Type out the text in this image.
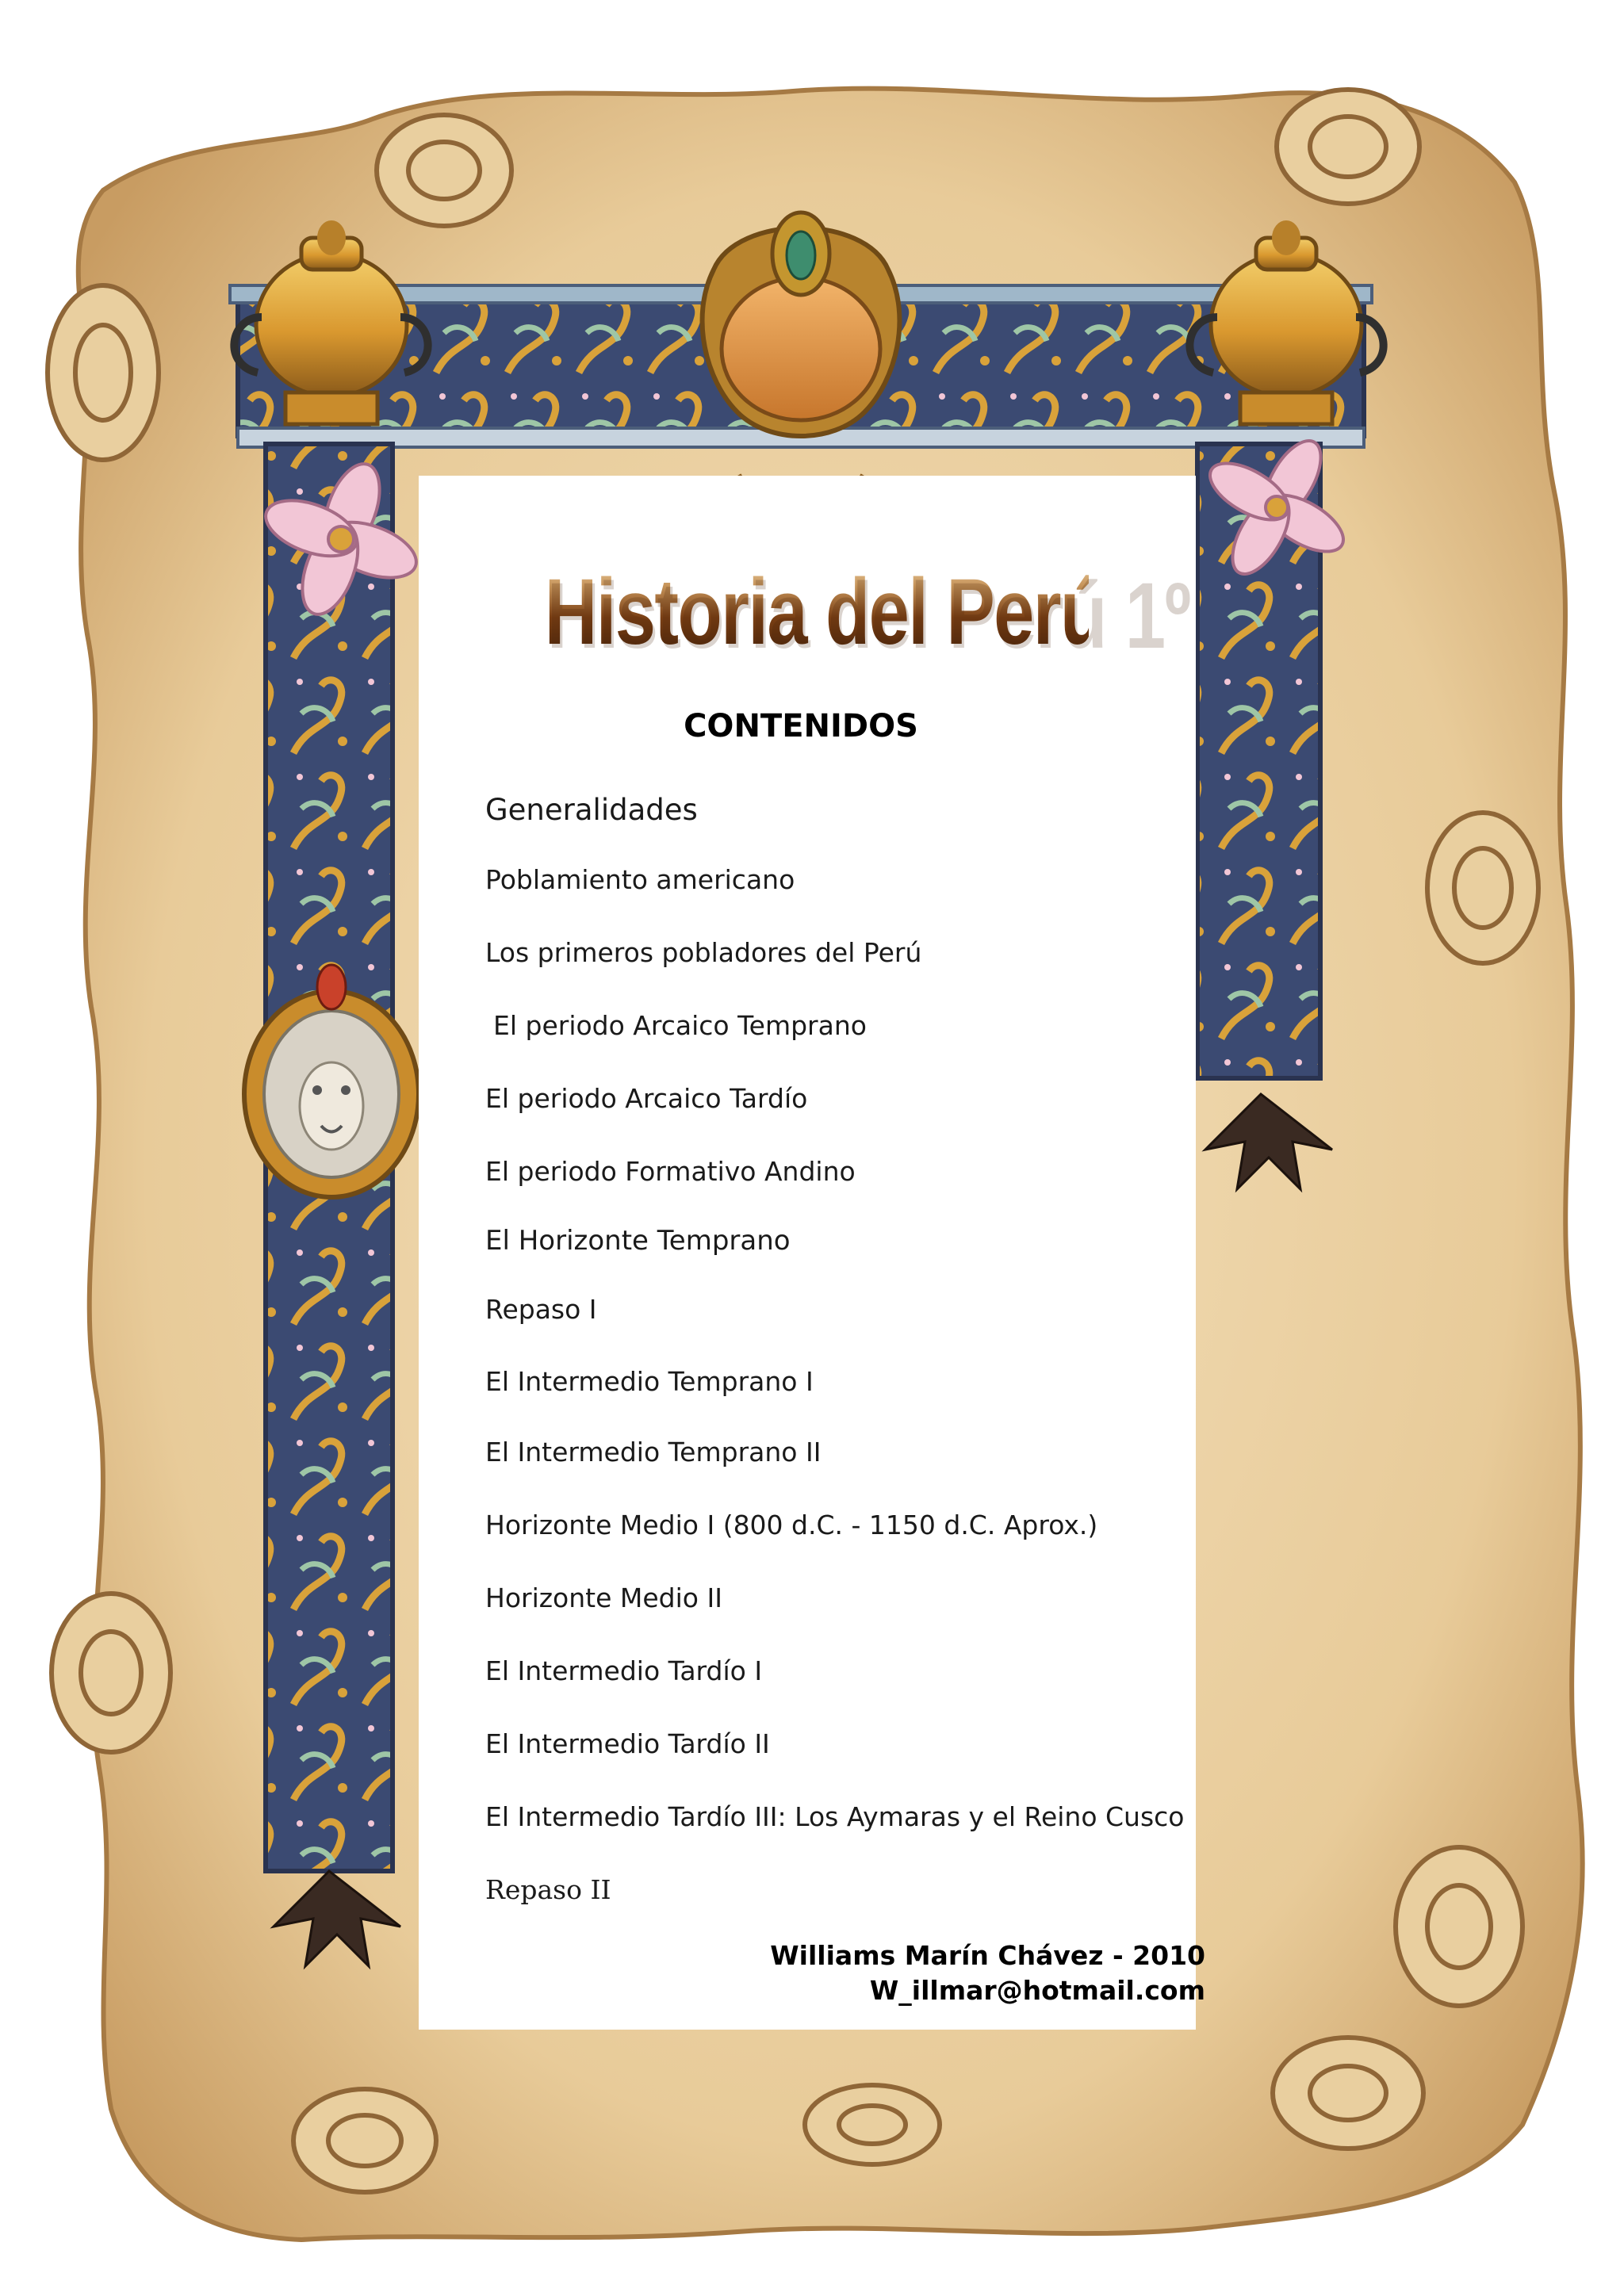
Historia del Perú 1º
CONTENIDOS
Generalidades
Poblamiento americano
Los primeros pobladores del Perú
El periodo Arcaico Temprano
El periodo Arcaico Tardío
El periodo Formativo Andino
El Horizonte Temprano
Repaso I
El Intermedio Temprano I
El Intermedio Temprano II
Horizonte Medio I (800 d.C. - 1150 d.C. Aprox.)
Horizonte Medio II
El Intermedio Tardío I
El Intermedio Tardío II
El Intermedio Tardío III: Los Aymaras y el Reino Cusco
Repaso II
Williams Marín Chávez - 2010
W_illmar@hotmail.com
